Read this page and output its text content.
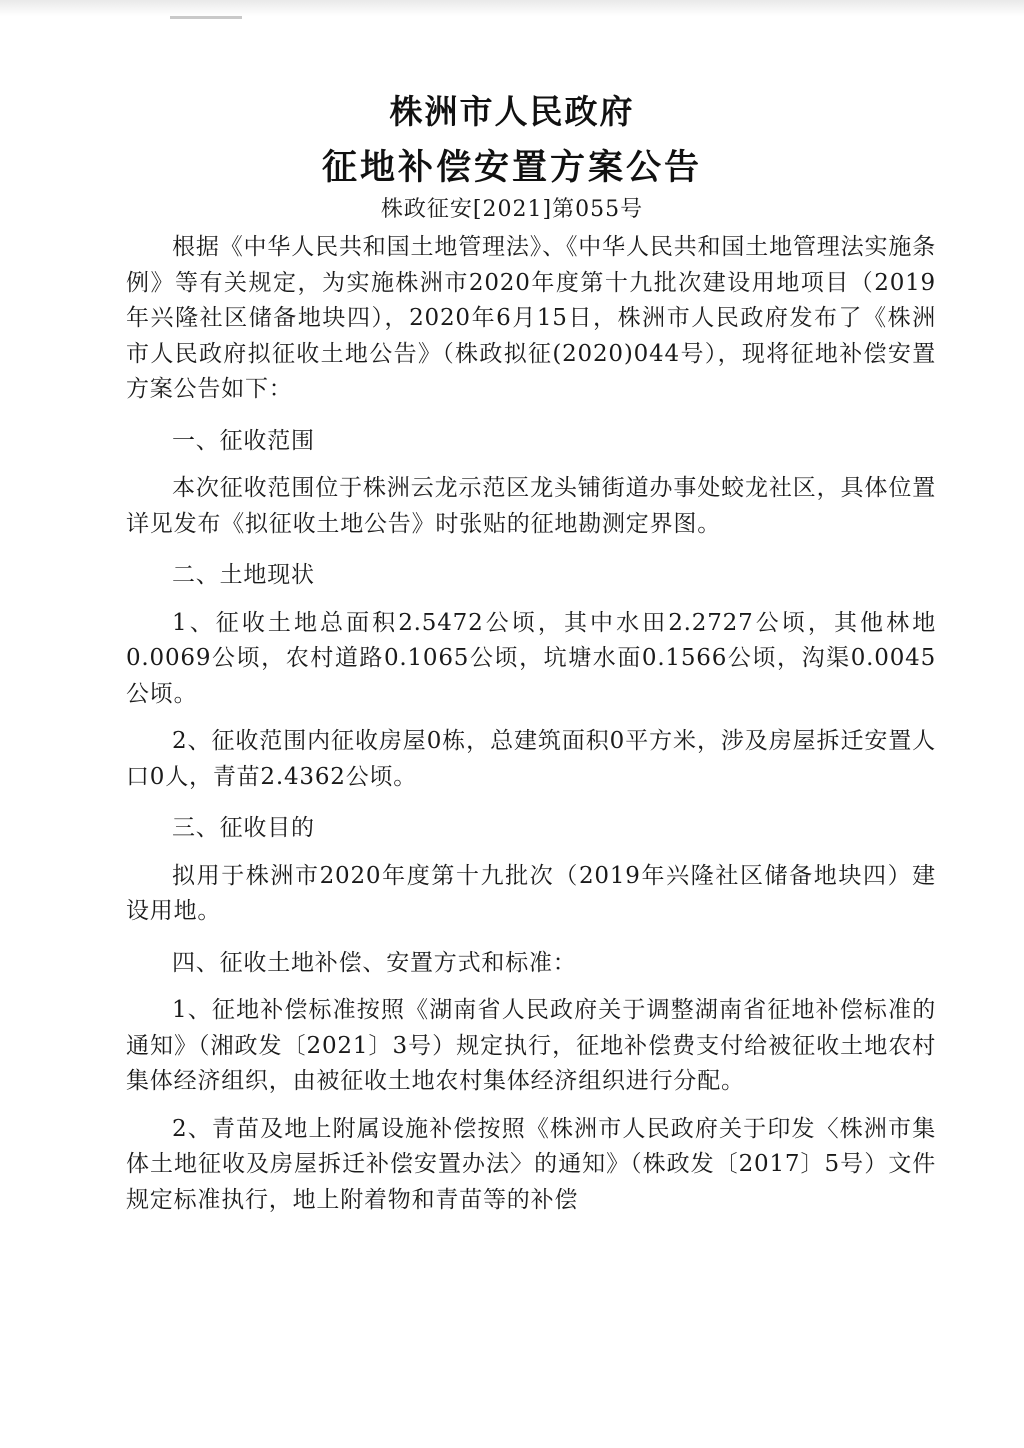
株洲市人民政府
征地补偿安置方案公告
株政征安[2021]第055号

根据《中华人民共和国土地管理法》、《中华人民共和国土地管理法实施条例》等有关规定，为实施株洲市2020年度第十九批次建设用地项目（2019年兴隆社区储备地块四），2020年6月15日，株洲市人民政府发布了《株洲市人民政府拟征收土地公告》（株政拟征(2020)044号），现将征地补偿安置方案公告如下：

一、征收范围

本次征收范围位于株洲云龙示范区龙头铺街道办事处蛟龙社区，具体位置详见发布《拟征收土地公告》时张贴的征地勘测定界图。

二、土地现状

1、征收土地总面积2.5472公顷，其中水田2.2727公顷，其他林地0.0069公顷，农村道路0.1065公顷，坑塘水面0.1566公顷，沟渠0.0045公顷。

2、征收范围内征收房屋0栋，总建筑面积0平方米，涉及房屋拆迁安置人口0人，青苗2.4362公顷。

三、征收目的

拟用于株洲市2020年度第十九批次（2019年兴隆社区储备地块四）建设用地。

四、征收土地补偿、安置方式和标准：

1、征地补偿标准按照《湖南省人民政府关于调整湖南省征地补偿标准的通知》（湘政发〔2021〕3号）规定执行，征地补偿费支付给被征收土地农村集体经济组织，由被征收土地农村集体经济组织进行分配。

2、青苗及地上附属设施补偿按照《株洲市人民政府关于印发〈株洲市集体土地征收及房屋拆迁补偿安置办法〉的通知》（株政发〔2017〕5号）文件规定标准执行，地上附着物和青苗等的补偿
